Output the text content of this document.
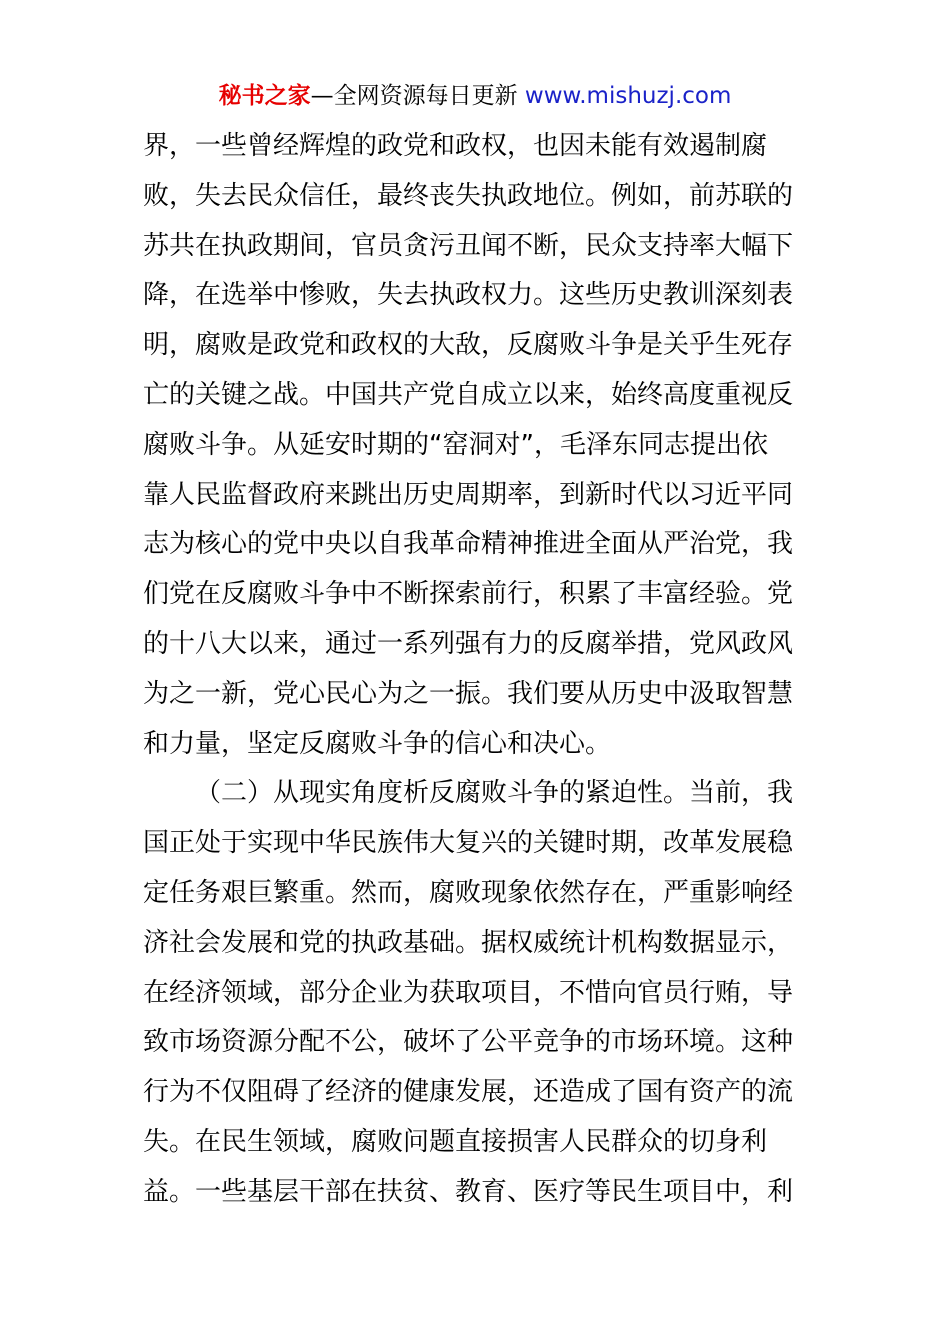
秘书之家—全网资源每日更新 www.mishuzj.com
界，一些曾经辉煌的政党和政权，也因未能有效遏制腐
败，失去民众信任，最终丧失执政地位。例如，前苏联的
苏共在执政期间，官员贪污丑闻不断，民众支持率大幅下
降，在选举中惨败，失去执政权力。这些历史教训深刻表
明，腐败是政党和政权的大敌，反腐败斗争是关乎生死存
亡的关键之战。中国共产党自成立以来，始终高度重视反
腐败斗争。从延安时期的“窑洞对”，毛泽东同志提出依
靠人民监督政府来跳出历史周期率，到新时代以习近平同
志为核心的党中央以自我革命精神推进全面从严治党，我
们党在反腐败斗争中不断探索前行，积累了丰富经验。党
的十八大以来，通过一系列强有力的反腐举措，党风政风
为之一新，党心民心为之一振。我们要从历史中汲取智慧
和力量，坚定反腐败斗争的信心和决心。
（二）从现实角度析反腐败斗争的紧迫性。当前，我
国正处于实现中华民族伟大复兴的关键时期，改革发展稳
定任务艰巨繁重。然而，腐败现象依然存在，严重影响经
济社会发展和党的执政基础。据权威统计机构数据显示，
在经济领域，部分企业为获取项目，不惜向官员行贿，导
致市场资源分配不公，破坏了公平竞争的市场环境。这种
行为不仅阻碍了经济的健康发展，还造成了国有资产的流
失。在民生领域，腐败问题直接损害人民群众的切身利
益。一些基层干部在扶贫、教育、医疗等民生项目中，利
